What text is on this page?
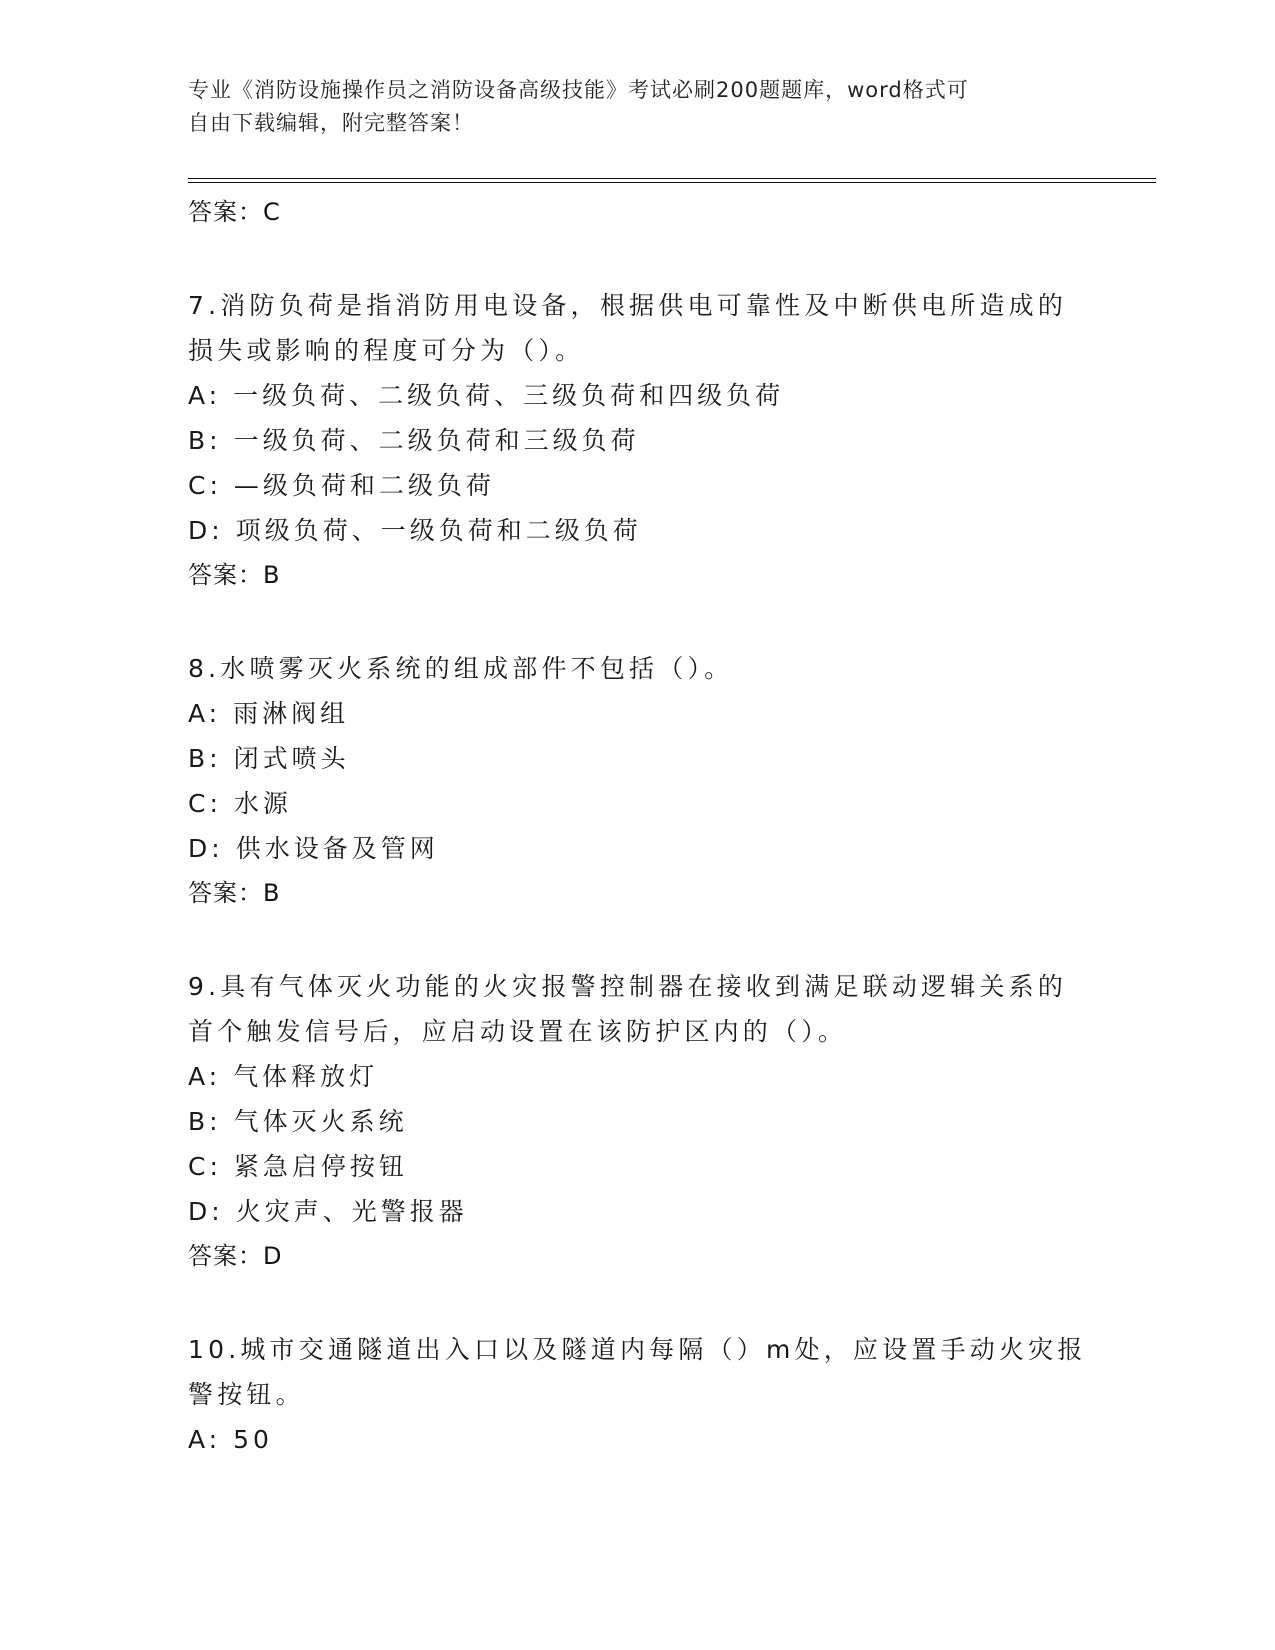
专业《消防设施操作员之消防设备高级技能》考试必刷200题题库，word格式可
自由下载编辑，附完整答案！
答案：C
7.消防负荷是指消防用电设备，根据供电可靠性及中断供电所造成的
损失或影响的程度可分为（）。
A: 一级负荷、二级负荷、三级负荷和四级负荷
B: 一级负荷、二级负荷和三级负荷
C: —级负荷和二级负荷
D: 项级负荷、一级负荷和二级负荷
答案：B
8.水喷雾灭火系统的组成部件不包括（）。
A: 雨淋阀组
B: 闭式喷头
C: 水源
D: 供水设备及管网
答案：B
9.具有气体灭火功能的火灾报警控制器在接收到满足联动逻辑关系的
首个触发信号后，应启动设置在该防护区内的（）。
A: 气体释放灯
B: 气体灭火系统
C: 紧急启停按钮
D: 火灾声、光警报器
答案：D
10.城市交通隧道出入口以及隧道内每隔（）m处，应设置手动火灾报
警按钮。
A: 50
